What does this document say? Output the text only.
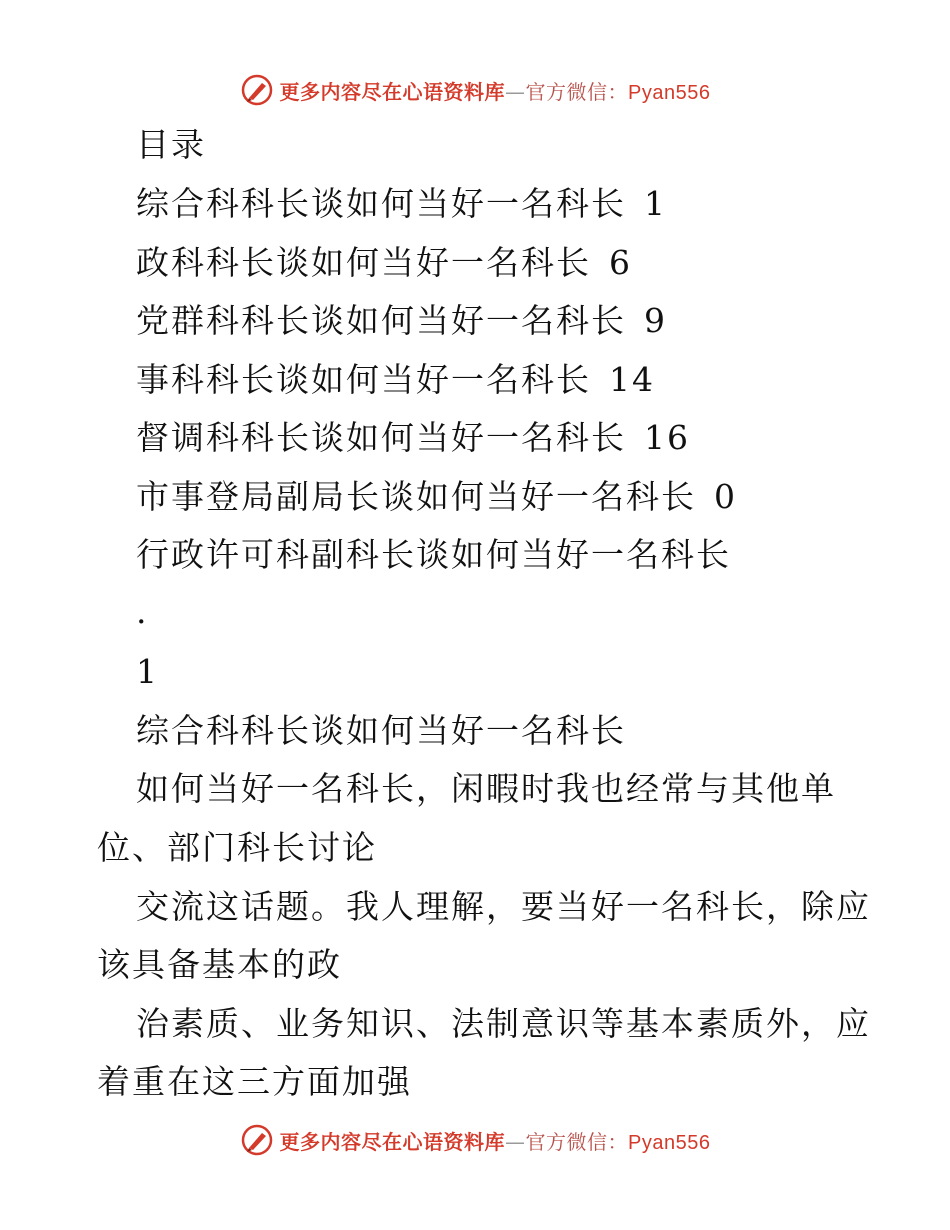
更多内容尽在心语资料库—官方微信：Pyan556
目录
综合科科长谈如何当好一名科长 1
政科科长谈如何当好一名科长 6
党群科科长谈如何当好一名科长 9
事科科长谈如何当好一名科长 14
督调科科长谈如何当好一名科长 16
市事登局副局长谈如何当好一名科长 0
行政许可科副科长谈如何当好一名科长
.
1
综合科科长谈如何当好一名科长
如何当好一名科长，闲暇时我也经常与其他单
位、部门科长讨论
交流这话题。我人理解，要当好一名科长，除应
该具备基本的政
治素质、业务知识、法制意识等基本素质外，应
着重在这三方面加强
更多内容尽在心语资料库—官方微信：Pyan556
